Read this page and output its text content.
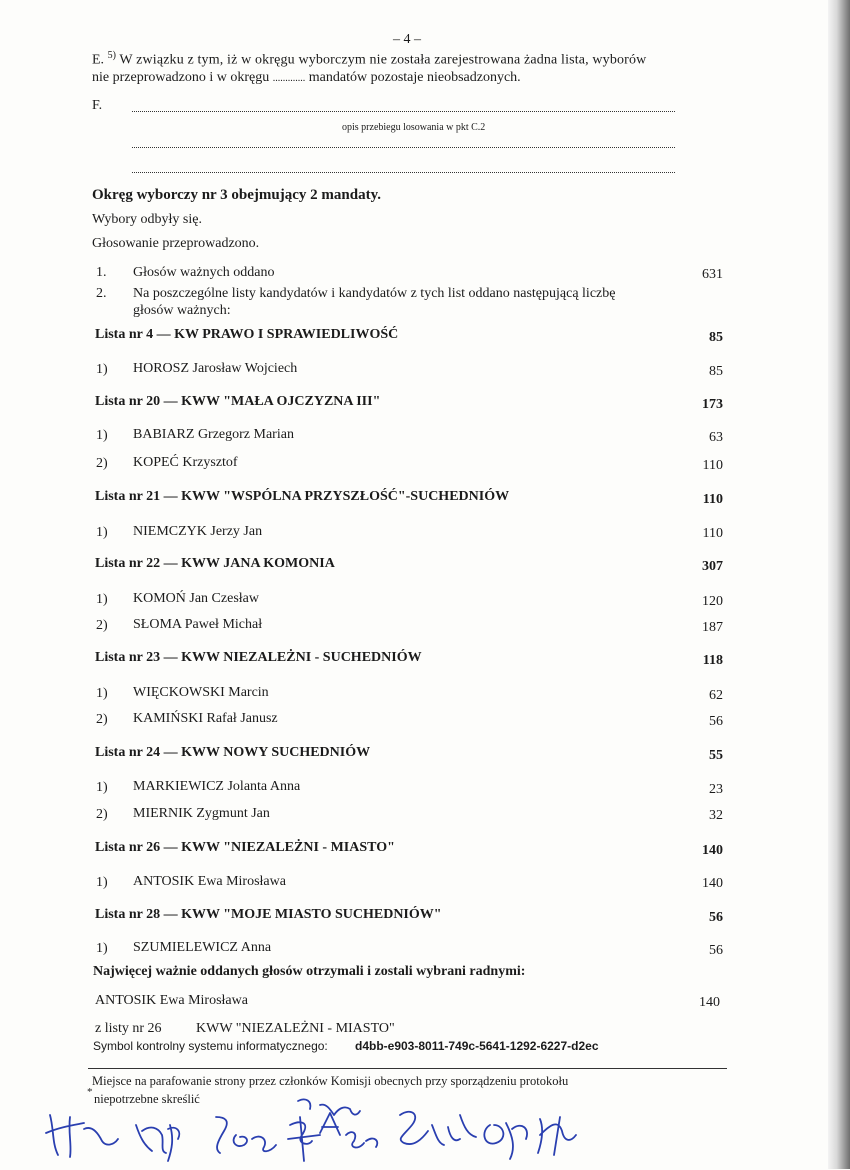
– 4 –
E. $^{5)}$ W związku z tym, iż w okręgu wyborczym nie została zarejestrowana żadna lista, wyborów
nie przeprowadzono i w okręgu ............. mandatów pozostaje nieobsadzonych.
F.
opis przebiegu losowania w pkt C.2
Okręg wyborczy nr 3 obejmujący 2 mandaty.
Wybory odbyły się.
Głosowanie przeprowadzono.
1. Głosów ważnych oddano	631
2. Na poszczególne listy kandydatów i kandydatów z tych list oddano następującą liczbę
głosów ważnych:
Lista nr 4 — KW PRAWO I SPRAWIEDLIWOŚĆ	85
1) HOROSZ Jarosław Wojciech	85
Lista nr 20 — KWW "MAŁA OJCZYZNA III"	173
1) BABIARZ Grzegorz Marian	63
2) KOPEĆ Krzysztof	110
Lista nr 21 — KWW "WSPÓLNA PRZYSZŁOŚĆ"-SUCHEDNIÓW	110
1) NIEMCZYK Jerzy Jan	110
Lista nr 22 — KWW JANA KOMONIA	307
1) KOMOŃ Jan Czesław	120
2) SŁOMA Paweł Michał	187
Lista nr 23 — KWW NIEZALEŻNI - SUCHEDNIÓW	118
1) WIĘCKOWSKI Marcin	62
2) KAMIŃSKI Rafał Janusz	56
Lista nr 24 — KWW NOWY SUCHEDNIÓW	55
1) MARKIEWICZ Jolanta Anna	23
2) MIERNIK Zygmunt Jan	32
Lista nr 26 — KWW "NIEZALEŻNI - MIASTO"	140
1) ANTOSIK Ewa Mirosława	140
Lista nr 28 — KWW "MOJE MIASTO SUCHEDNIÓW"	56
1) SZUMIELEWICZ Anna	56
Najwięcej ważnie oddanych głosów otrzymali i zostali wybrani radnymi:
ANTOSIK Ewa Mirosława	140
z listy nr 26 KWW "NIEZALEŻNI - MIASTO"
Symbol kontrolny systemu informatycznego: d4bb-e903-8011-749c-5641-1292-6227-d2ec
Miejsce na parafowanie strony przez członków Komisji obecnych przy sporządzeniu protokołu
* niepotrzebne skreślić
